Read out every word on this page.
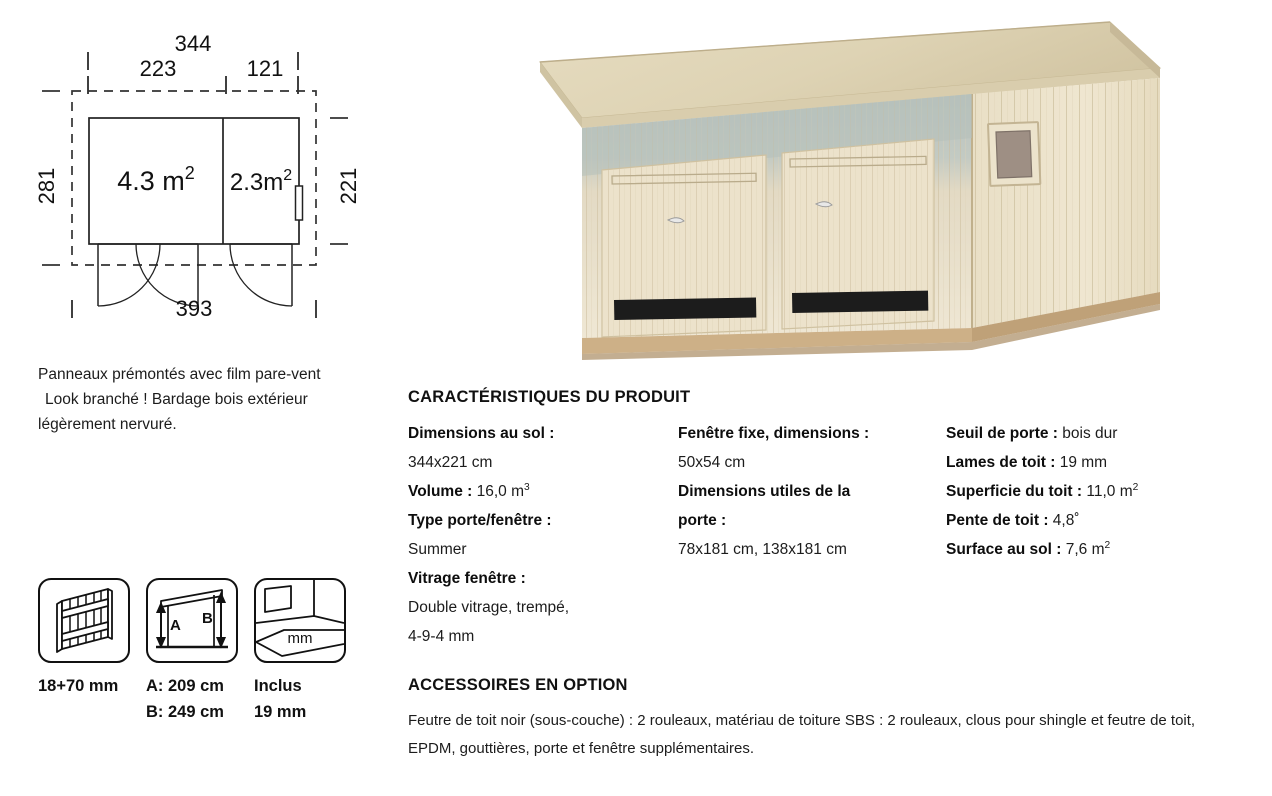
344
223	121
4.3 $m^2$ $2.3m^2$
281	221
393
Panneaux prémontés avec film pare-vent
Look branché ! Bardage bois extérieur
légèrement nervuré.
18+70 mm
A B
A: 209 cm
B: 249 cm
mm
Inclus
19 mm
CARACTÉRISTIQUES DU PRODUIT
Dimensions au sol :
344x221 cm
Volume : 16,0 $m^3$
Type porte/fenêtre :
Summer
Vitrage fenêtre :
Double vitrage, trempé,
4-9-4 mm
Fenêtre fixe, dimensions :
50x54 cm
Dimensions utiles de la
porte :
78x181 cm, 138x181 cm
Seuil de porte : bois dur
Lames de toit : 19 mm
Superficie du toit : 11,0 $m^2$
Pente de toit : 4,8˚
Surface au sol : 7,6 $m^2$
ACCESSOIRES EN OPTION
Feutre de toit noir (sous-couche) : 2 rouleaux, matériau de toiture SBS : 2 rouleaux, clous pour shingle et feutre de toit, EPDM, gouttières, porte et fenêtre supplémentaires.
